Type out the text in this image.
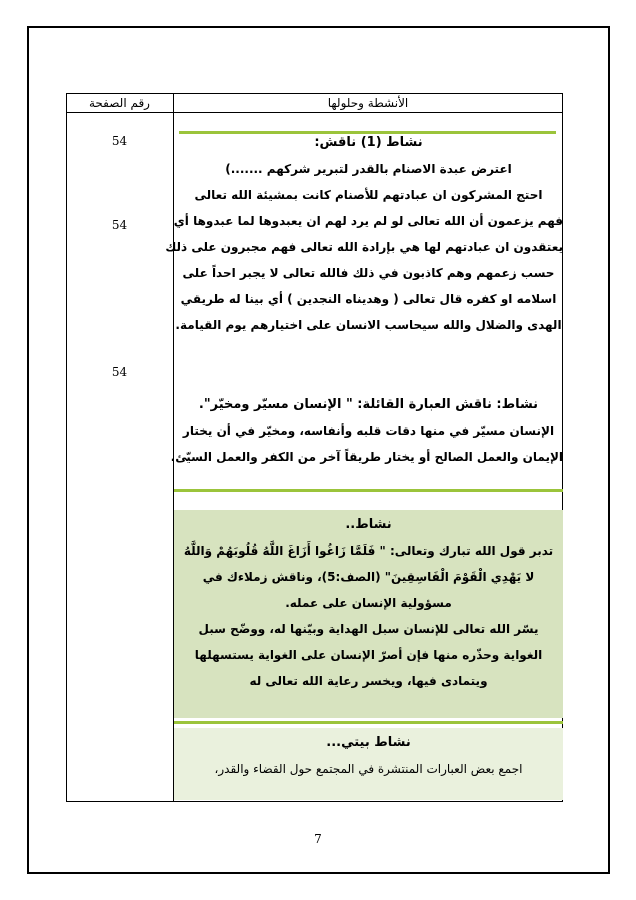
الأنشطة وحلولها
رقم الصفحة
54
54
54
نشاط (1) ناقش:
اعترض عبدة الاصنام بالقدر لتبرير شركهم .......)
احتج المشركون ان عبادتهم للأصنام كانت بمشيئة الله تعالى
فهم يزعمون أن الله تعالى لو لم يرد لهم ان يعبدوها لما عبدوها أي
يعتقدون ان عبادتهم لها هي بإرادة الله تعالى فهم مجبرون على ذلك
حسب زعمهم وهم كاذبون في ذلك فالله تعالى لا يجبر احداً على
اسلامه او كفره قال تعالى ( وهديناه النجدين ) أي بينا له طريقي
الهدى والضلال والله سيحاسب الانسان على اختيارهم يوم القيامة.
نشاط: ناقش العبارة القائلة: " الإنسان مسيّر ومخيّر".
الإنسان مسيّر في منها دقات قلبه وأنفاسه، ومخيّر في أن يختار
الإيمان والعمل الصالح أو يختار طريقاً آخر من الكفر والعمل السيّئ.
نشاط..
تدبر قول الله تبارك وتعالى: " فَلَمَّا زَاغُوا أَزَاغَ اللَّهُ قُلُوبَهُمْ وَاللَّهُ
لا يَهْدِي الْقَوْمَ الْفَاسِقِينَ" (الصف:5)، وناقش زملاءك في
مسؤولية الإنسان على عمله.
يسّر الله تعالى للإنسان سبل الهداية وبيّنها له، ووضّح سبل
الغواية وحذّره منها فإن أصرّ الإنسان على الغواية يستسهلها
ويتمادى فيها، ويخسر رعاية الله تعالى له
نشاط بيتي...
اجمع بعض العبارات المنتشرة في المجتمع حول القضاء والقدر،
7
